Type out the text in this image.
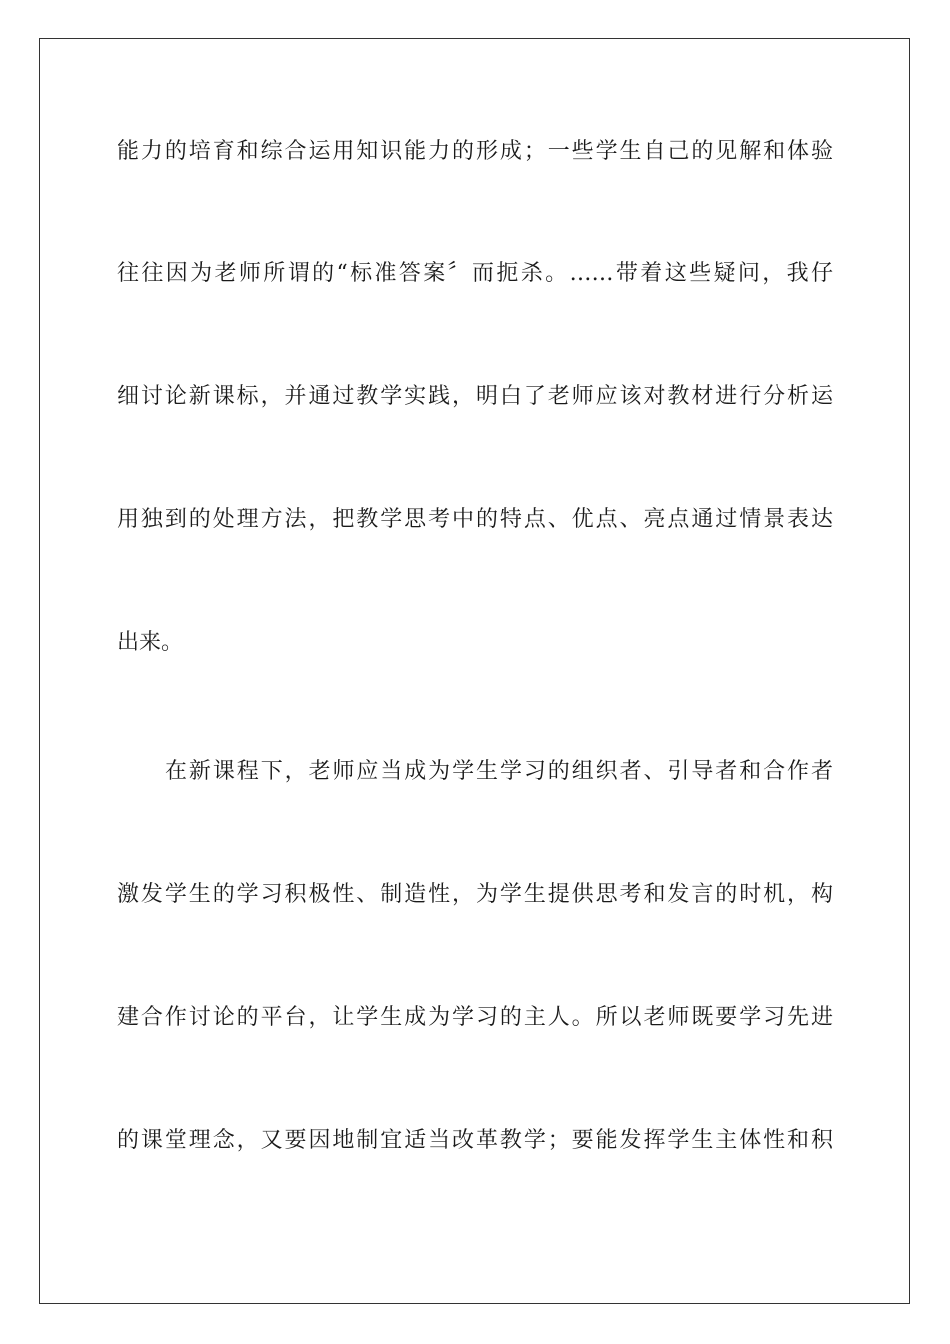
能力的培育和综合运用知识能力的形成；一些学生自己的见解和体验
往往因为老师所谓的“标准答案〞而扼杀。……带着这些疑问，我仔
细讨论新课标，并通过教学实践，明白了老师应该对教材进行分析运
用独到的处理方法，把教学思考中的特点、优点、亮点通过情景表达
出来。
在新课程下，老师应当成为学生学习的组织者、引导者和合作者
激发学生的学习积极性、制造性，为学生提供思考和发言的时机，构
建合作讨论的平台，让学生成为学习的主人。所以老师既要学习先进
的课堂理念，又要因地制宜适当改革教学；要能发挥学生主体性和积
